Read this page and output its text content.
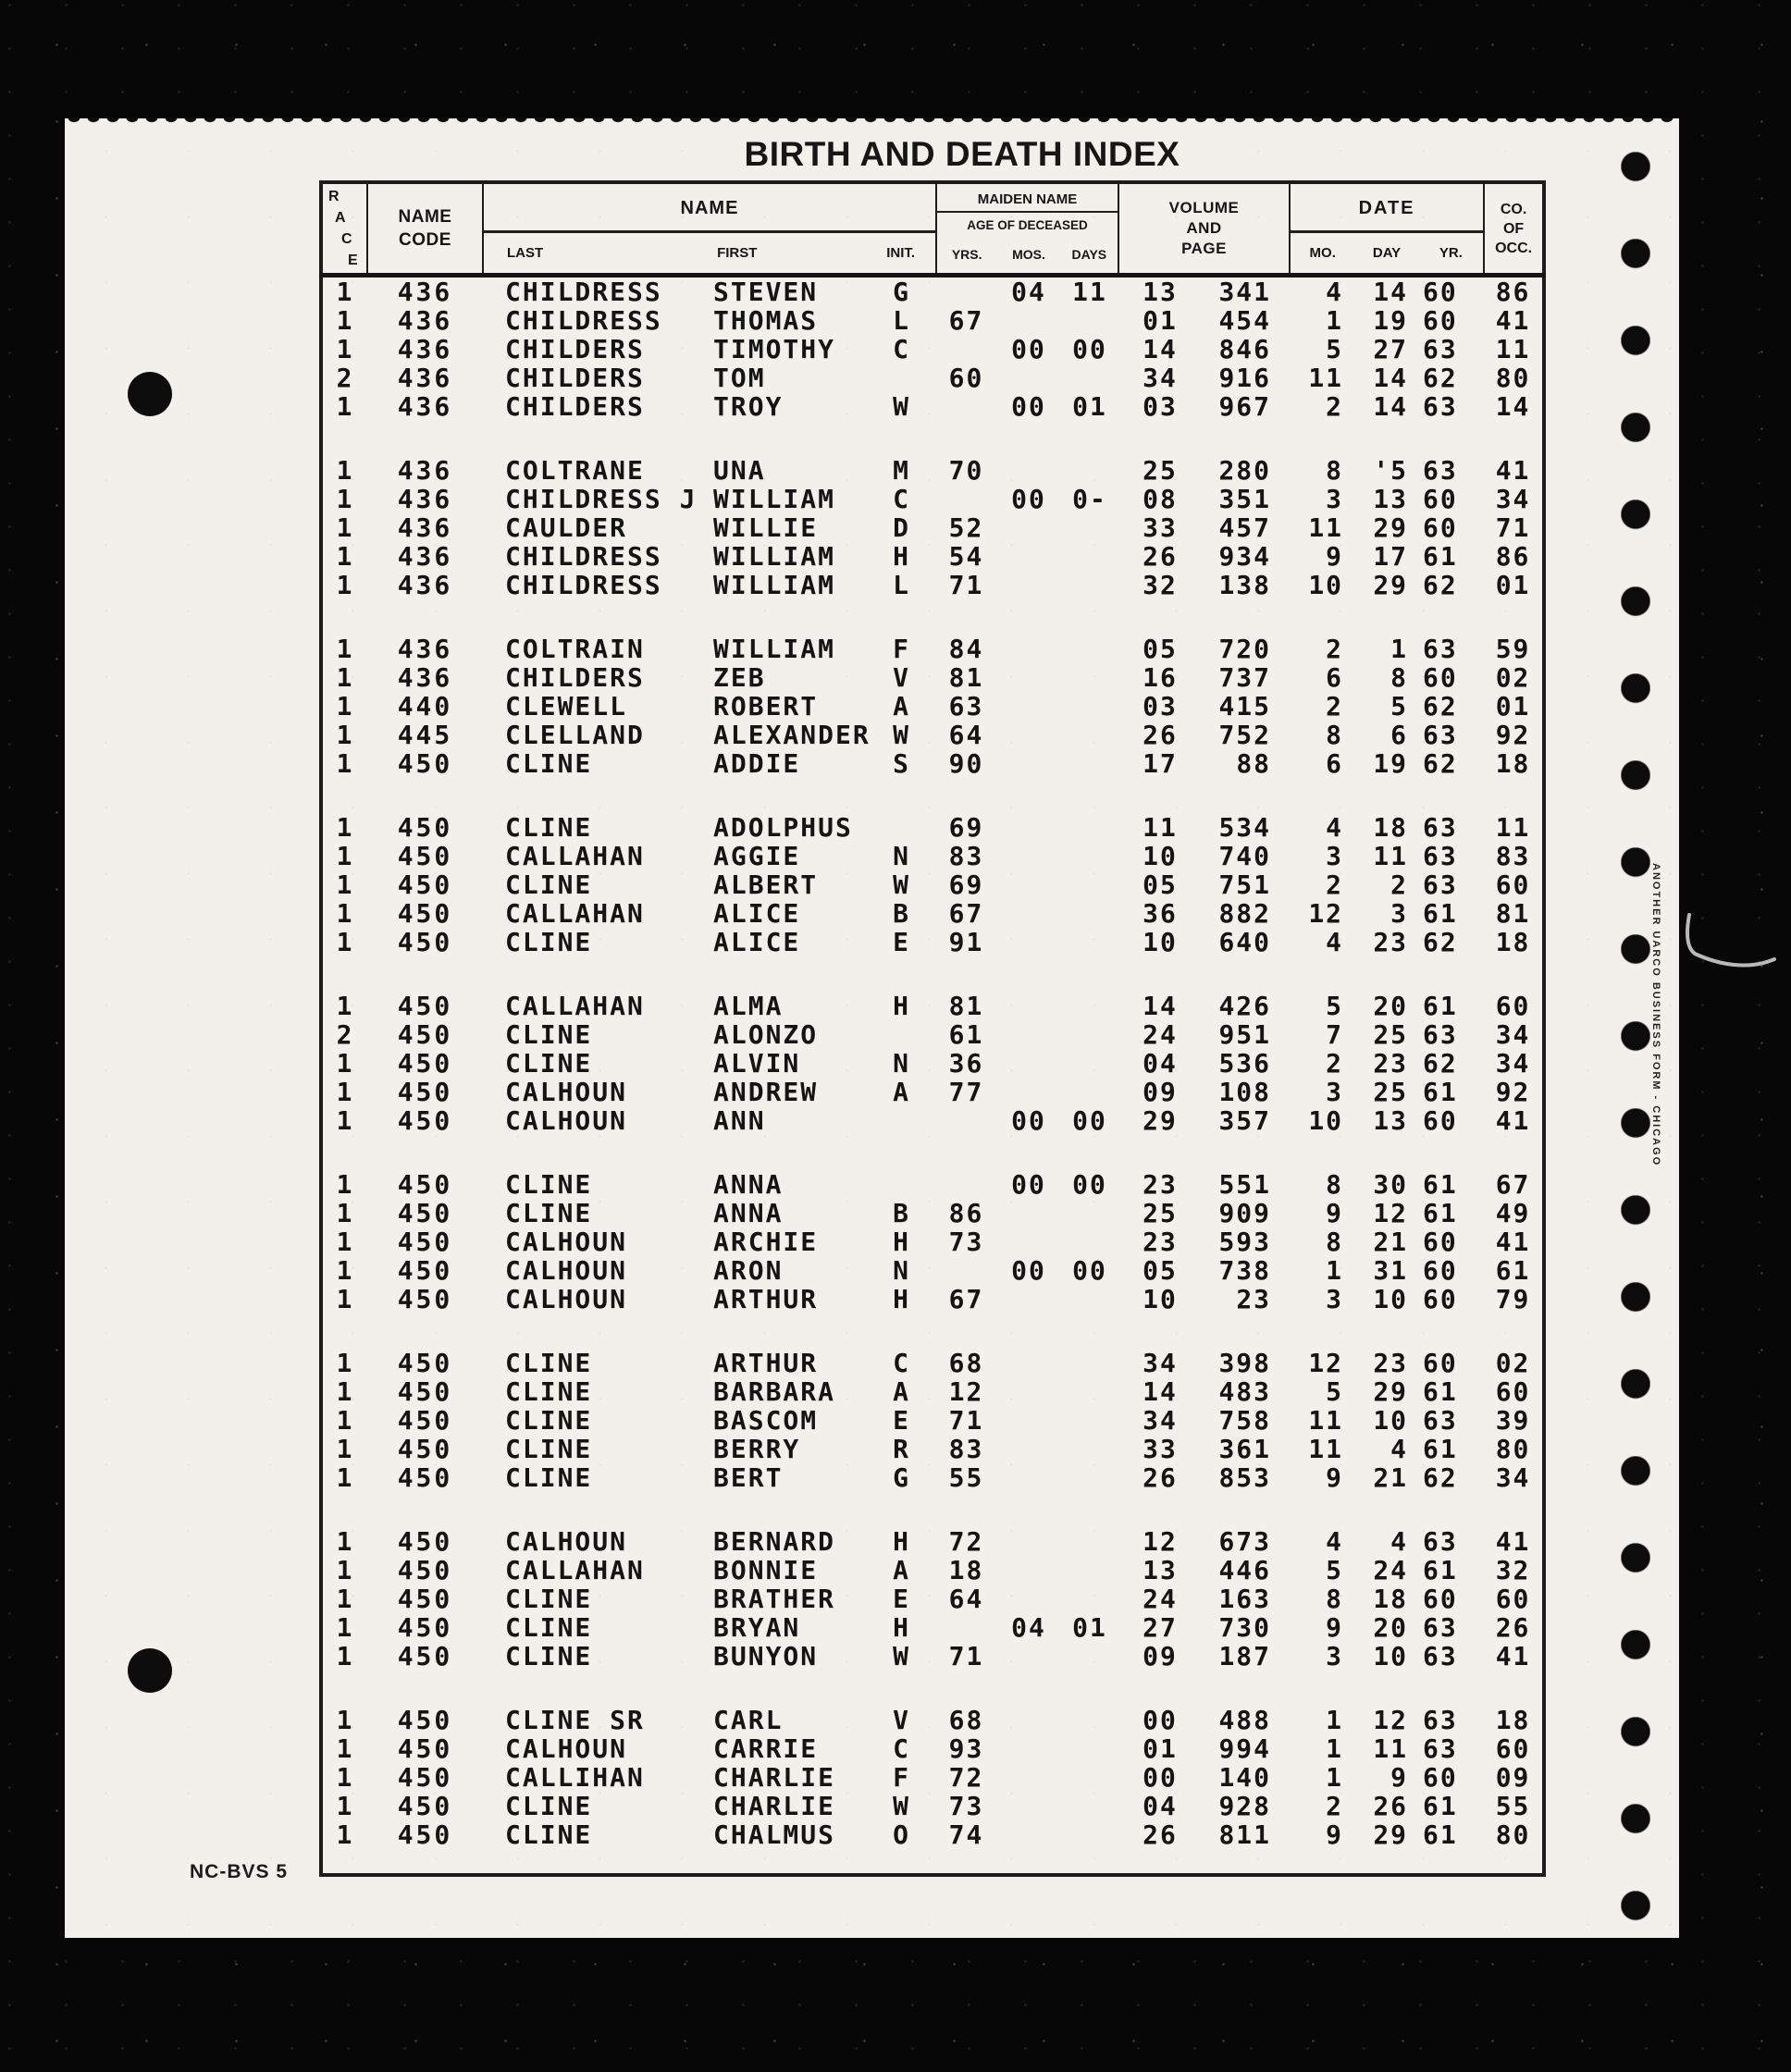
BIRTH AND DEATH INDEX
R
A
C
E

NAME
CODE

NAME
LAST	FIRST	INIT.

MAIDEN NAME
AGE OF DECEASED
YRS.	MOS.	DAYS

VOLUME
AND
PAGE

DATE
MO.	DAY	YR.

CO.
OF
OCC.

1	436	CHILDRESS	STEVEN	G		04	11	13	341	4	14	60	86
1	436	CHILDRESS	THOMAS	L	67			01	454	1	19	60	41
1	436	CHILDERS	TIMOTHY	C		00	00	14	846	5	27	63	11
2	436	CHILDERS	TOM		60			34	916	11	14	62	80
1	436	CHILDERS	TROY	W		00	01	03	967	2	14	63	14

1	436	COLTRANE	UNA	M	70			25	280	8	'5	63	41
1	436	CHILDRESS J	WILLIAM	C		00	0-	08	351	3	13	60	34
1	436	CAULDER	WILLIE	D	52			33	457	11	29	60	71
1	436	CHILDRESS	WILLIAM	H	54			26	934	9	17	61	86
1	436	CHILDRESS	WILLIAM	L	71			32	138	10	29	62	01

1	436	COLTRAIN	WILLIAM	F	84			05	720	2	1	63	59
1	436	CHILDERS	ZEB	V	81			16	737	6	8	60	02
1	440	CLEWELL	ROBERT	A	63			03	415	2	5	62	01
1	445	CLELLAND	ALEXANDER	W	64			26	752	8	6	63	92
1	450	CLINE	ADDIE	S	90			17	88	6	19	62	18

1	450	CLINE	ADOLPHUS		69			11	534	4	18	63	11
1	450	CALLAHAN	AGGIE	N	83			10	740	3	11	63	83
1	450	CLINE	ALBERT	W	69			05	751	2	2	63	60
1	450	CALLAHAN	ALICE	B	67			36	882	12	3	61	81
1	450	CLINE	ALICE	E	91			10	640	4	23	62	18

1	450	CALLAHAN	ALMA	H	81			14	426	5	20	61	60
2	450	CLINE	ALONZO		61			24	951	7	25	63	34
1	450	CLINE	ALVIN	N	36			04	536	2	23	62	34
1	450	CALHOUN	ANDREW	A	77			09	108	3	25	61	92
1	450	CALHOUN	ANN			00	00	29	357	10	13	60	41

1	450	CLINE	ANNA			00	00	23	551	8	30	61	67
1	450	CLINE	ANNA	B	86			25	909	9	12	61	49
1	450	CALHOUN	ARCHIE	H	73			23	593	8	21	60	41
1	450	CALHOUN	ARON	N		00	00	05	738	1	31	60	61
1	450	CALHOUN	ARTHUR	H	67			10	23	3	10	60	79

1	450	CLINE	ARTHUR	C	68			34	398	12	23	60	02
1	450	CLINE	BARBARA	A	12			14	483	5	29	61	60
1	450	CLINE	BASCOM	E	71			34	758	11	10	63	39
1	450	CLINE	BERRY	R	83			33	361	11	4	61	80
1	450	CLINE	BERT	G	55			26	853	9	21	62	34

1	450	CALHOUN	BERNARD	H	72			12	673	4	4	63	41
1	450	CALLAHAN	BONNIE	A	18			13	446	5	24	61	32
1	450	CLINE	BRATHER	E	64			24	163	8	18	60	60
1	450	CLINE	BRYAN	H		04	01	27	730	9	20	63	26
1	450	CLINE	BUNYON	W	71			09	187	3	10	63	41

1	450	CLINE SR	CARL	V	68			00	488	1	12	63	18
1	450	CALHOUN	CARRIE	C	93			01	994	1	11	63	60
1	450	CALLIHAN	CHARLIE	F	72			00	140	1	9	60	09
1	450	CLINE	CHARLIE	W	73			04	928	2	26	61	55
1	450	CLINE	CHALMUS	O	74			26	811	9	29	61	80

NC-BVS 5
ANOTHER UARCO BUSINESS FORM - CHICAGO
